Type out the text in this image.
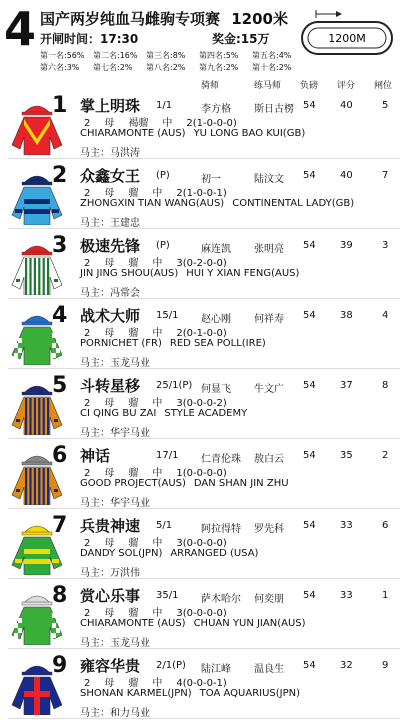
4 国产两岁纯血马雌驹专项赛 1200米
开闸时间：17:30	奖金:15万
第一名:56% 第二名:16% 第三名:8% 第四名:5% 第五名:4%
第六名:3% 第七名:2% 第八名:2% 第九名:2% 第十名:2%
1200M
骑师	练马师 负磅 评分 闸位
1 掌上明珠 1/1	李方格 斯日古楞 54 40	5
2 母 褐骝 中 2(1-0-0-0)
CHIARAMONTE (AUS) YU LONG BAO KUI(GB)
马主：马洪涛
2 众鑫女王 (P)	初一	陆汶文 54 40	7
2 母 骝 中 2(1-0-0-1)
ZHONGXIN TIAN WANG(AUS) CONTINENTAL LADY(GB)
马主：王建忠
3 极速先锋 (P)	麻连凯 张明亮 54 39	3
2 母 骝 中 3(0-2-0-0)
JIN JING SHOU(AUS) HUI Y XIAN FENG(AUS)
马主：冯常会
4 战术大师 15/1 赵心刚 何祥寿 54 38	4
2 母 骝 中 2(0-1-0-0)
PORNICHET (FR) RED SEA POLL(IRE)
马主：玉龙马业
5 斗转星移 25/1(P) 何显飞 牛文广 54 37	8
2 母 骝 中 3(0-0-0-2)
CI QING BU ZAI STYLE ACADEMY
马主：华宇马业
6 神话	17/1 仁青伦珠 敖白云 54 35	2
2 母 骝 中 1(0-0-0-0)
GOOD PROJECT(AUS) DAN SHAN JIN ZHU
马主：华宇马业
7 兵贵神速 5/1	阿拉得特 罗先科 54 33	6
2 母 骝 中 3(0-0-0-0)
DANDY SOL(JPN) ARRANGED (USA)
马主：万洪伟
8 赏心乐事 35/1 萨木哈尔 何奕朋 54 33	1
2 母 骝 中 3(0-0-0-0)
CHIARAMONTE (AUS) CHUAN YUN JIAN(AUS)
马主：玉龙马业
9 雍容华贵 2/1(P) 陆江峰 温良生 54 32	9
2 母 骝 中 4(0-0-0-1)
SHONAN KARMEL(JPN) TOA AQUARIUS(JPN)
马主：和力马业
